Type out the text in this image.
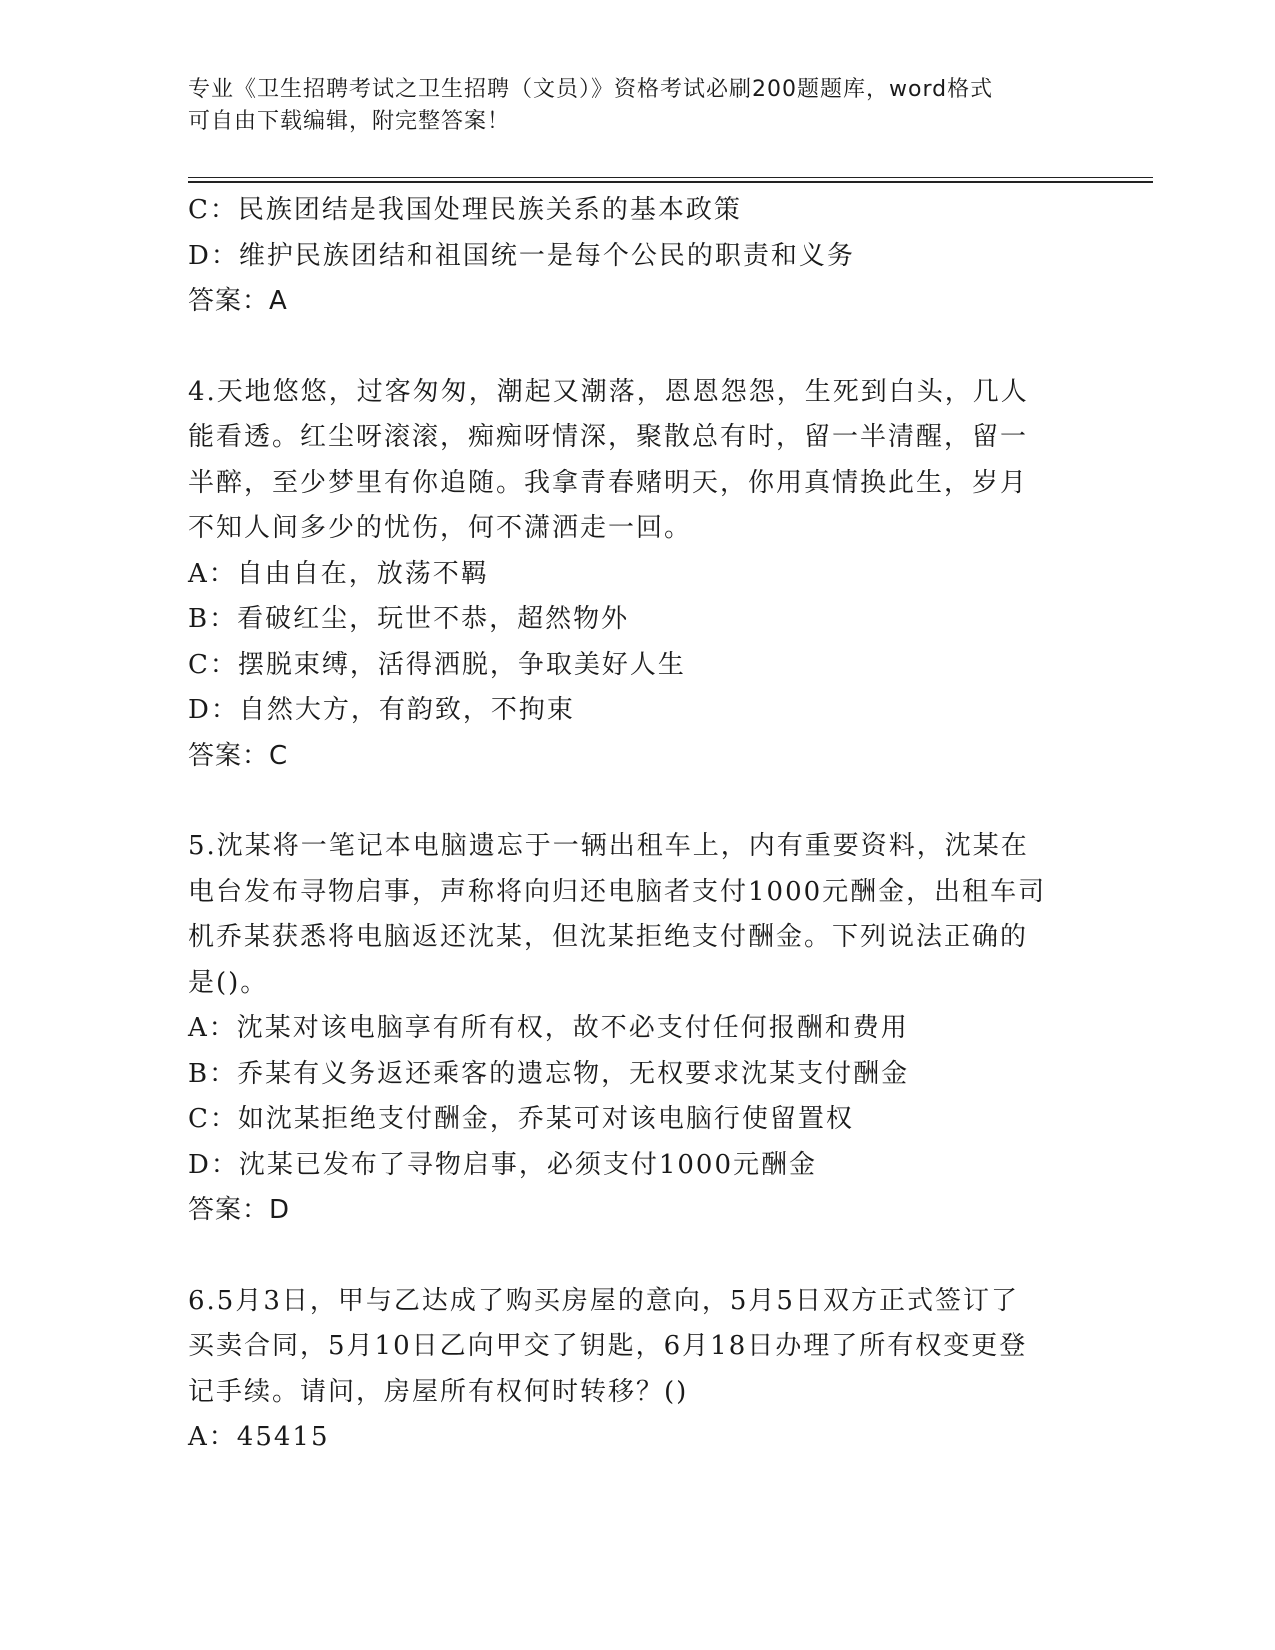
专业《卫生招聘考试之卫生招聘（文员）》资格考试必刷200题题库，word格式
可自由下载编辑，附完整答案！
C：民族团结是我国处理民族关系的基本政策
D：维护民族团结和祖国统一是每个公民的职责和义务
答案：A
4.天地悠悠，过客匆匆，潮起又潮落，恩恩怨怨，生死到白头，几人
能看透。红尘呀滚滚，痴痴呀情深，聚散总有时，留一半清醒，留一
半醉，至少梦里有你追随。我拿青春赌明天，你用真情换此生，岁月
不知人间多少的忧伤，何不潇洒走一回。
A：自由自在，放荡不羁
B：看破红尘，玩世不恭，超然物外
C：摆脱束缚，活得洒脱，争取美好人生
D：自然大方，有韵致，不拘束
答案：C
5.沈某将一笔记本电脑遗忘于一辆出租车上，内有重要资料，沈某在
电台发布寻物启事，声称将向归还电脑者支付1000元酬金，出租车司
机乔某获悉将电脑返还沈某，但沈某拒绝支付酬金。下列说法正确的
是()。
A：沈某对该电脑享有所有权，故不必支付任何报酬和费用
B：乔某有义务返还乘客的遗忘物，无权要求沈某支付酬金
C：如沈某拒绝支付酬金，乔某可对该电脑行使留置权
D：沈某已发布了寻物启事，必须支付1000元酬金
答案：D
6.5月3日，甲与乙达成了购买房屋的意向，5月5日双方正式签订了
买卖合同，5月10日乙向甲交了钥匙，6月18日办理了所有权变更登
记手续。请问，房屋所有权何时转移？()
A：45415
